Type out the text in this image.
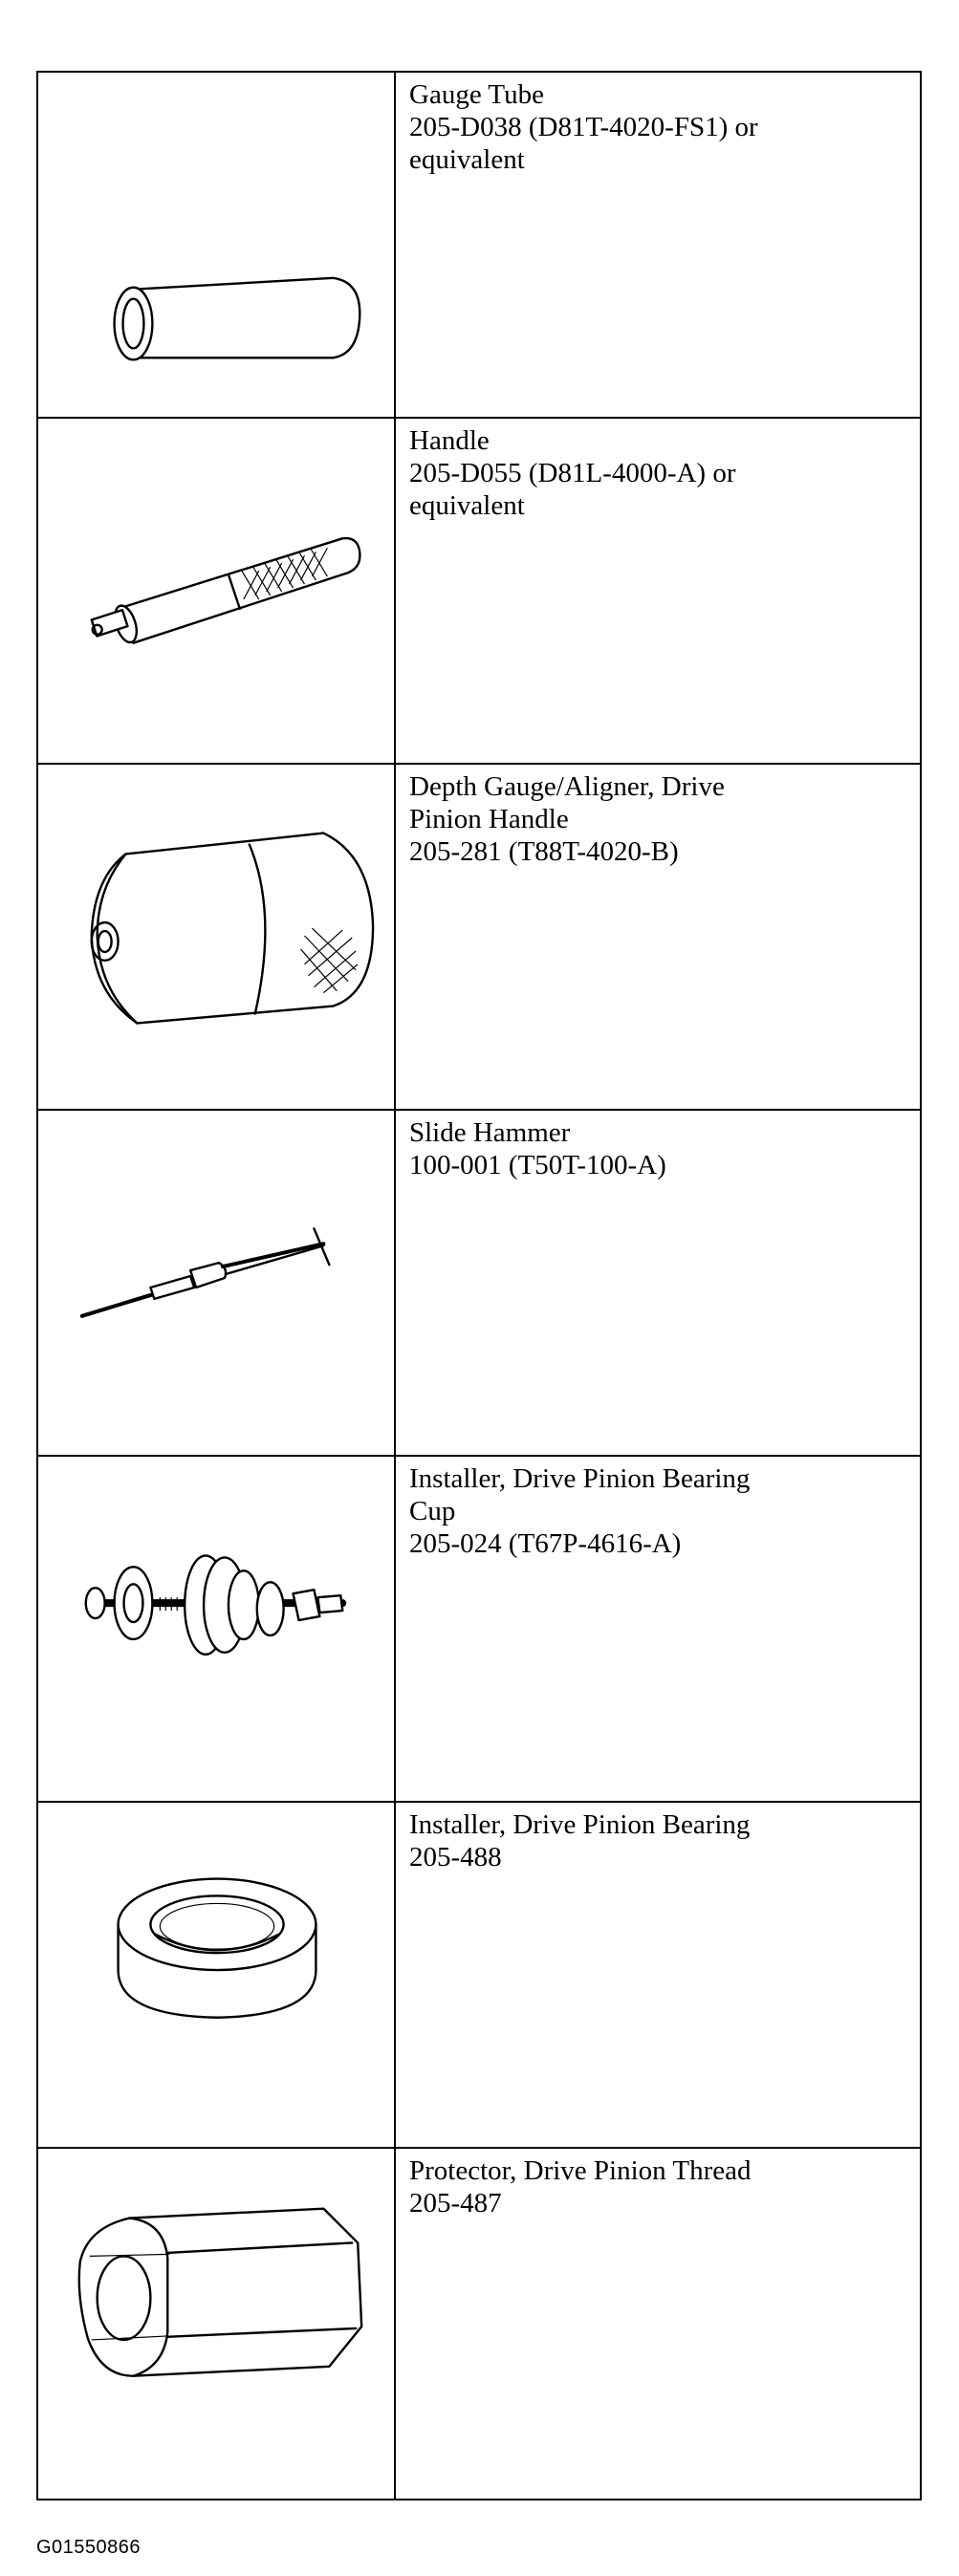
Gauge Tube
205-D038 (D81T-4020-FS1) or
equivalent
Handle
205-D055 (D81L-4000-A) or
equivalent
Depth Gauge/Aligner, Drive
Pinion Handle
205-281 (T88T-4020-B)
Slide Hammer
100-001 (T50T-100-A)
Installer, Drive Pinion Bearing
Cup
205-024 (T67P-4616-A)
Installer, Drive Pinion Bearing
205-488
Protector, Drive Pinion Thread
205-487
G01550866
